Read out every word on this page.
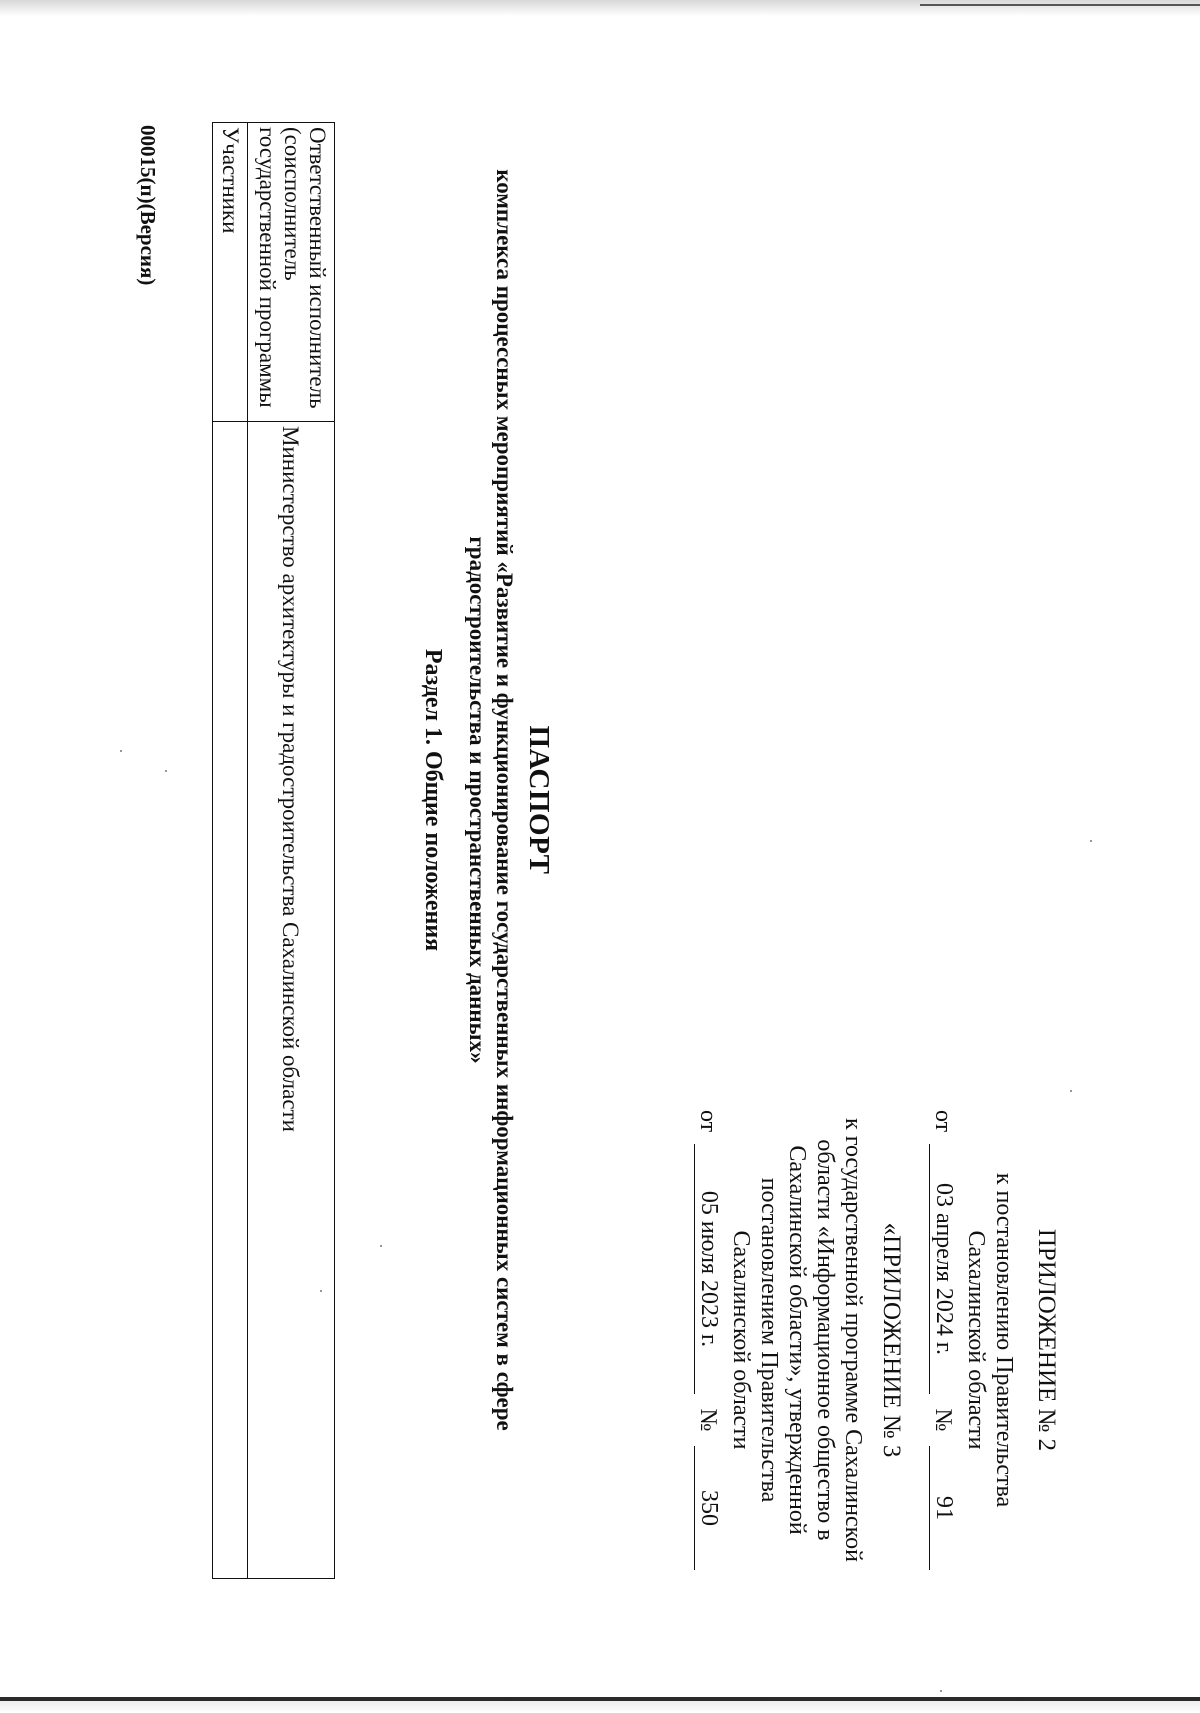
ПРИЛОЖЕНИЕ № 2
к постановлению Правительства
Сахалинской области
от
03 апреля 2024 г.
№
91
«ПРИЛОЖЕНИЕ № 3
к государственной программе Сахалинской области «Информационное общество в Сахалинской области», утвержденной постановлением Правительства Сахалинской области
от
05 июля 2023 г.
№
350
ПАСПОРТ
комплекса процессных мероприятий «Развитие и функционирование государственных информационных систем в сфере градостроительства и пространственных данных»
Раздел 1. Общие положения
Ответственный исполнитель (соисполнитель государственной программы	Министерство архитектуры и градостроительства Сахалинской области
Участники	
00015(п)(Версия)
